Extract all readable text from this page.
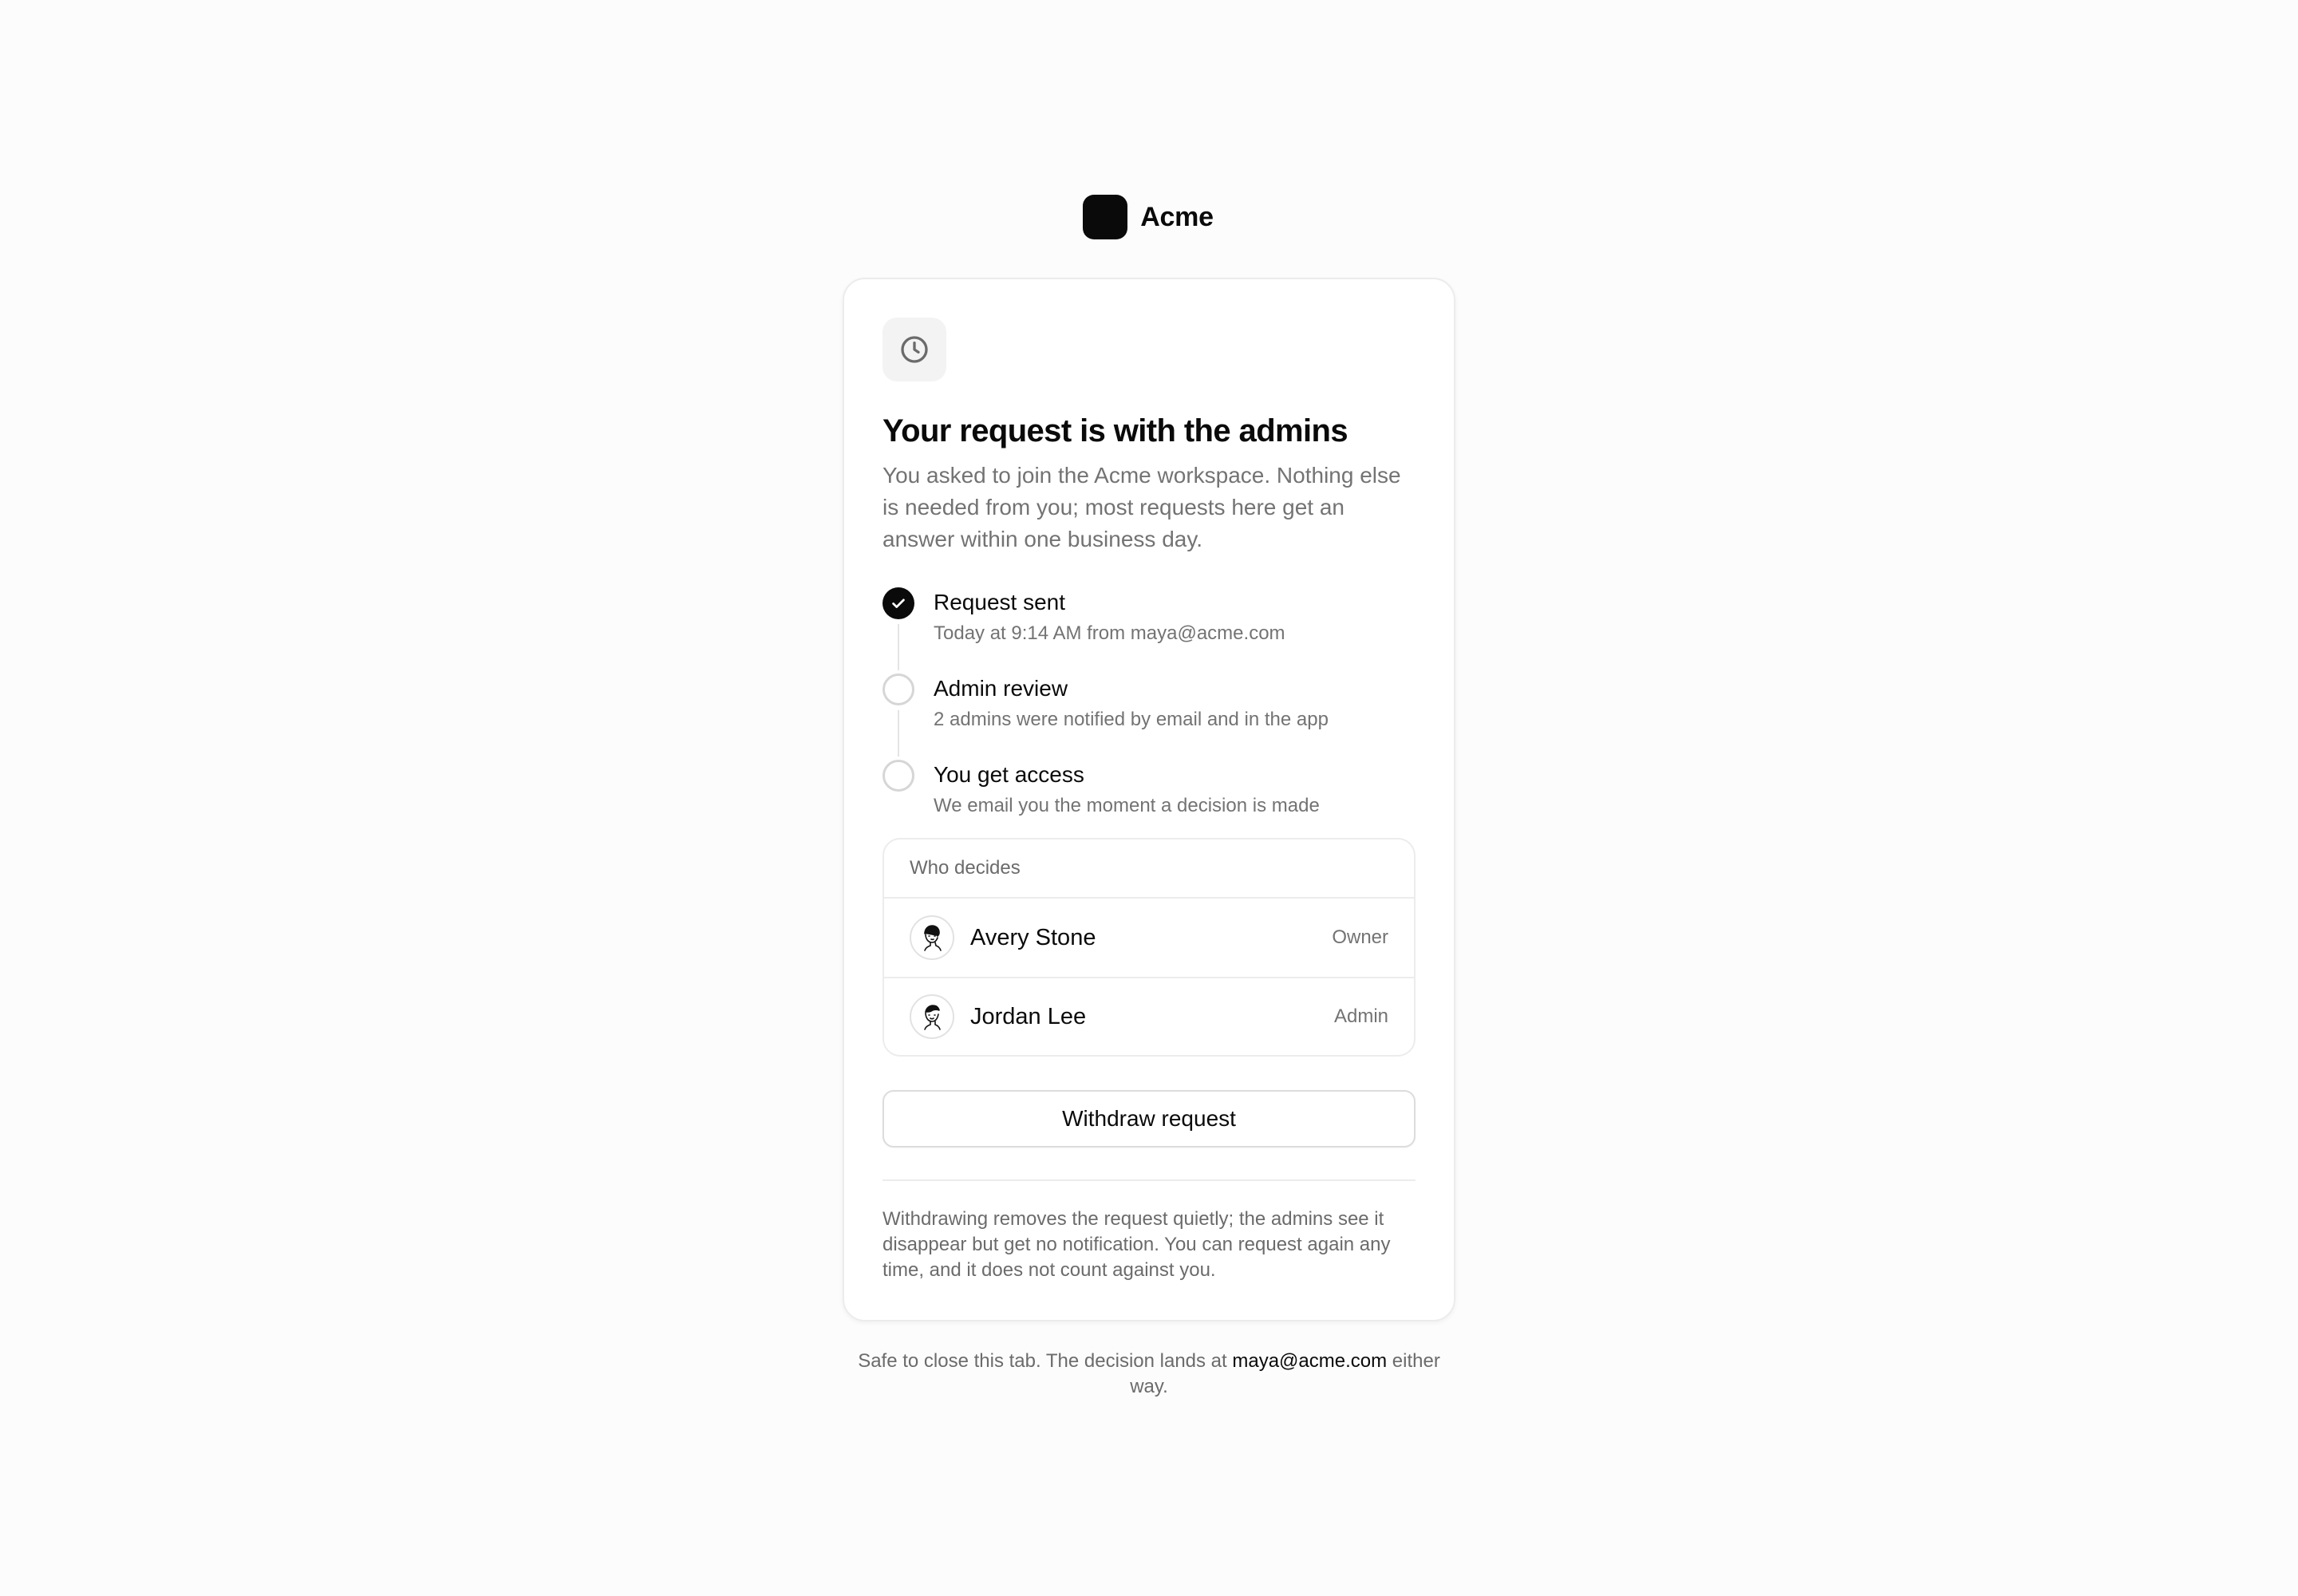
Acme
Your request is with the admins

You asked to join the Acme workspace. Nothing else is needed from you; most requests here get an answer within one business day.

Request sent
Today at 9:14 AM from maya@acme.com
Admin review
2 admins were notified by email and in the app
You get access
We email you the moment a decision is made
Who decides
Avery Stone	Owner
Jordan Lee	Admin
Withdraw request

Withdrawing removes the request quietly; the admins see it disappear but get no notification. You can request again any time, and it does not count against you.

Safe to close this tab. The decision lands at maya@acme.com either way.
